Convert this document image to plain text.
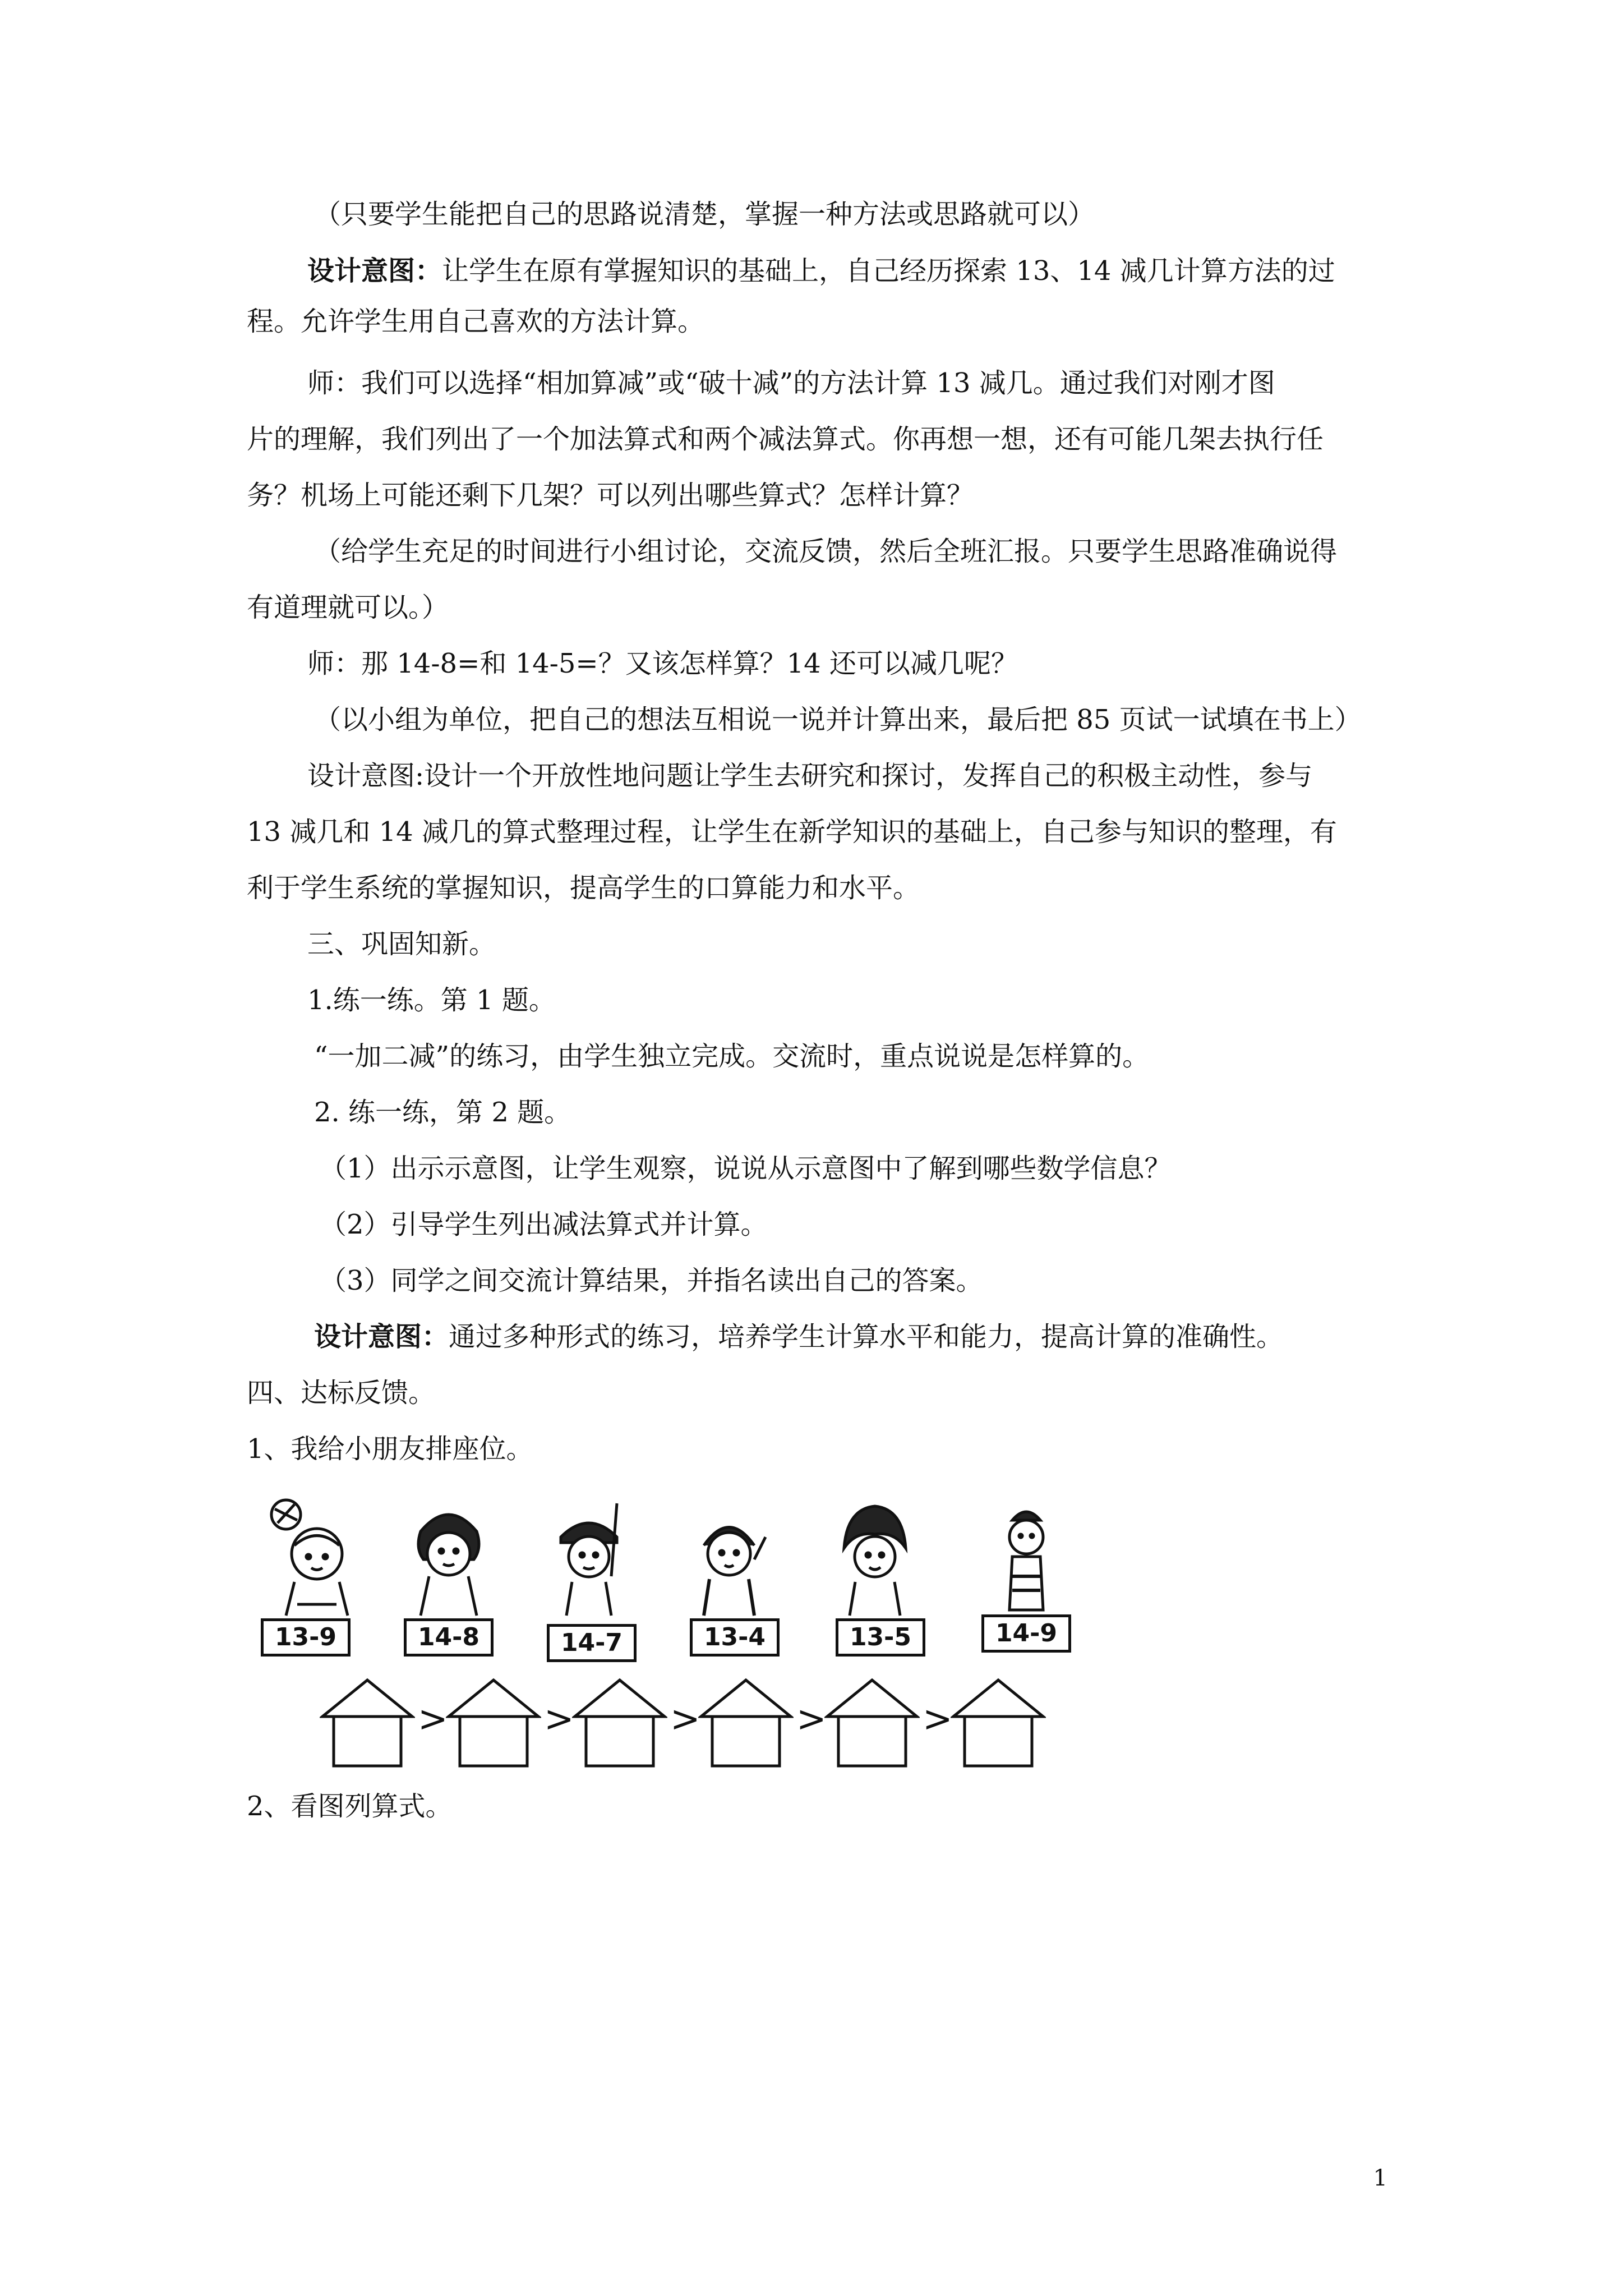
（只要学生能把自己的思路说清楚，掌握一种方法或思路就可以）
设计意图：让学生在原有掌握知识的基础上，自己经历探索 13、14 减几计算方法的过
程。允许学生用自己喜欢的方法计算。
师：我们可以选择“相加算减”或“破十减”的方法计算 13 减几。通过我们对刚才图
片的理解，我们列出了一个加法算式和两个减法算式。你再想一想，还有可能几架去执行任
务？机场上可能还剩下几架？可以列出哪些算式？怎样计算？
（给学生充足的时间进行小组讨论，交流反馈，然后全班汇报。只要学生思路准确说得
有道理就可以。）
师：那 14-8=和 14-5=？又该怎样算？14 还可以减几呢？
（以小组为单位，把自己的想法互相说一说并计算出来，最后把 85 页试一试填在书上）
设计意图:设计一个开放性地问题让学生去研究和探讨，发挥自己的积极主动性，参与
13 减几和 14 减几的算式整理过程，让学生在新学知识的基础上，自己参与知识的整理，有
利于学生系统的掌握知识，提高学生的口算能力和水平。
三、巩固知新。
1.练一练。第 1 题。
“一加二减”的练习，由学生独立完成。交流时，重点说说是怎样算的。
2. 练一练，第 2 题。
（1）出示示意图，让学生观察，说说从示意图中了解到哪些数学信息？
（2）引导学生列出减法算式并计算。
（3）同学之间交流计算结果，并指名读出自己的答案。
设计意图：通过多种形式的练习，培养学生计算水平和能力，提高计算的准确性。
四、达标反馈。
1、我给小朋友排座位。
13-9	14-8	14-7	13-4	13-5	14-9
>	>	>	>	>
2、看图列算式。
1
